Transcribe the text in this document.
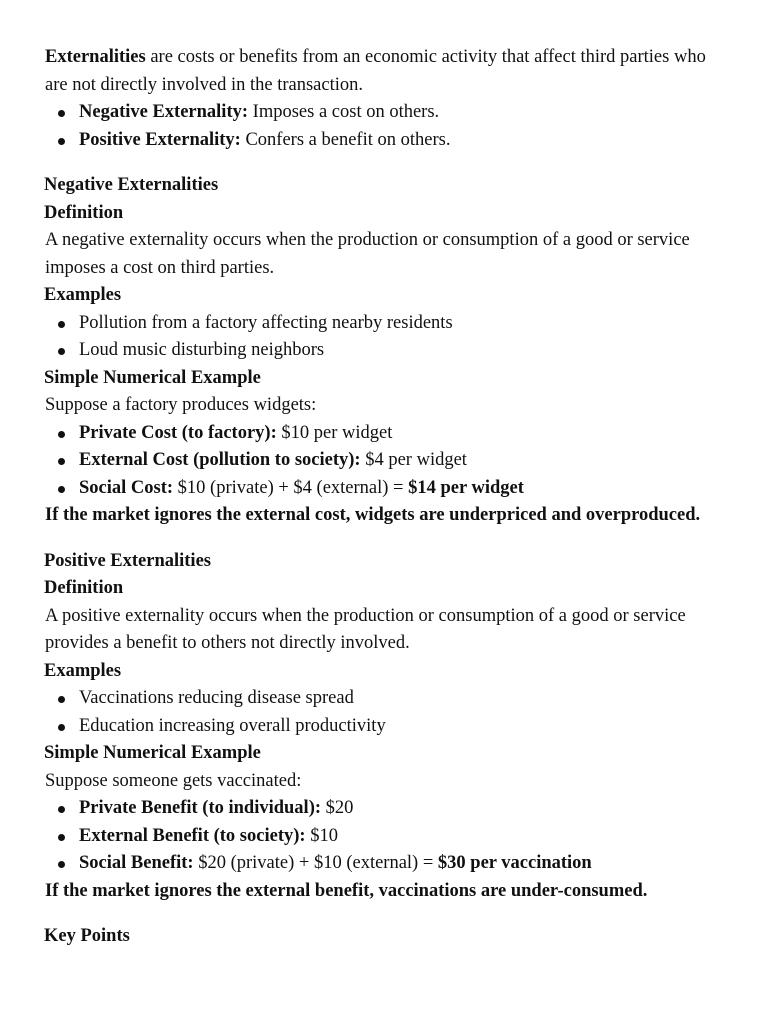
Externalities are costs or benefits from an economic activity that affect third parties who are not directly involved in the transaction.

Negative Externality: Imposes a cost on others.
Positive Externality: Confers a benefit on others.
Negative Externalities
Definition

A negative externality occurs when the production or consumption of a good or service imposes a cost on third parties.

Examples
Pollution from a factory affecting nearby residents
Loud music disturbing neighbors
Simple Numerical Example

Suppose a factory produces widgets:

Private Cost (to factory): $10 per widget
External Cost (pollution to society): $4 per widget
Social Cost: $10 (private) + $4 (external) = $14 per widget

If the market ignores the external cost, widgets are underpriced and overproduced.

Positive Externalities
Definition

A positive externality occurs when the production or consumption of a good or service provides a benefit to others not directly involved.

Examples
Vaccinations reducing disease spread
Education increasing overall productivity
Simple Numerical Example

Suppose someone gets vaccinated:

Private Benefit (to individual): $20
External Benefit (to society): $10
Social Benefit: $20 (private) + $10 (external) = $30 per vaccination

If the market ignores the external benefit, vaccinations are under-consumed.

Key Points
